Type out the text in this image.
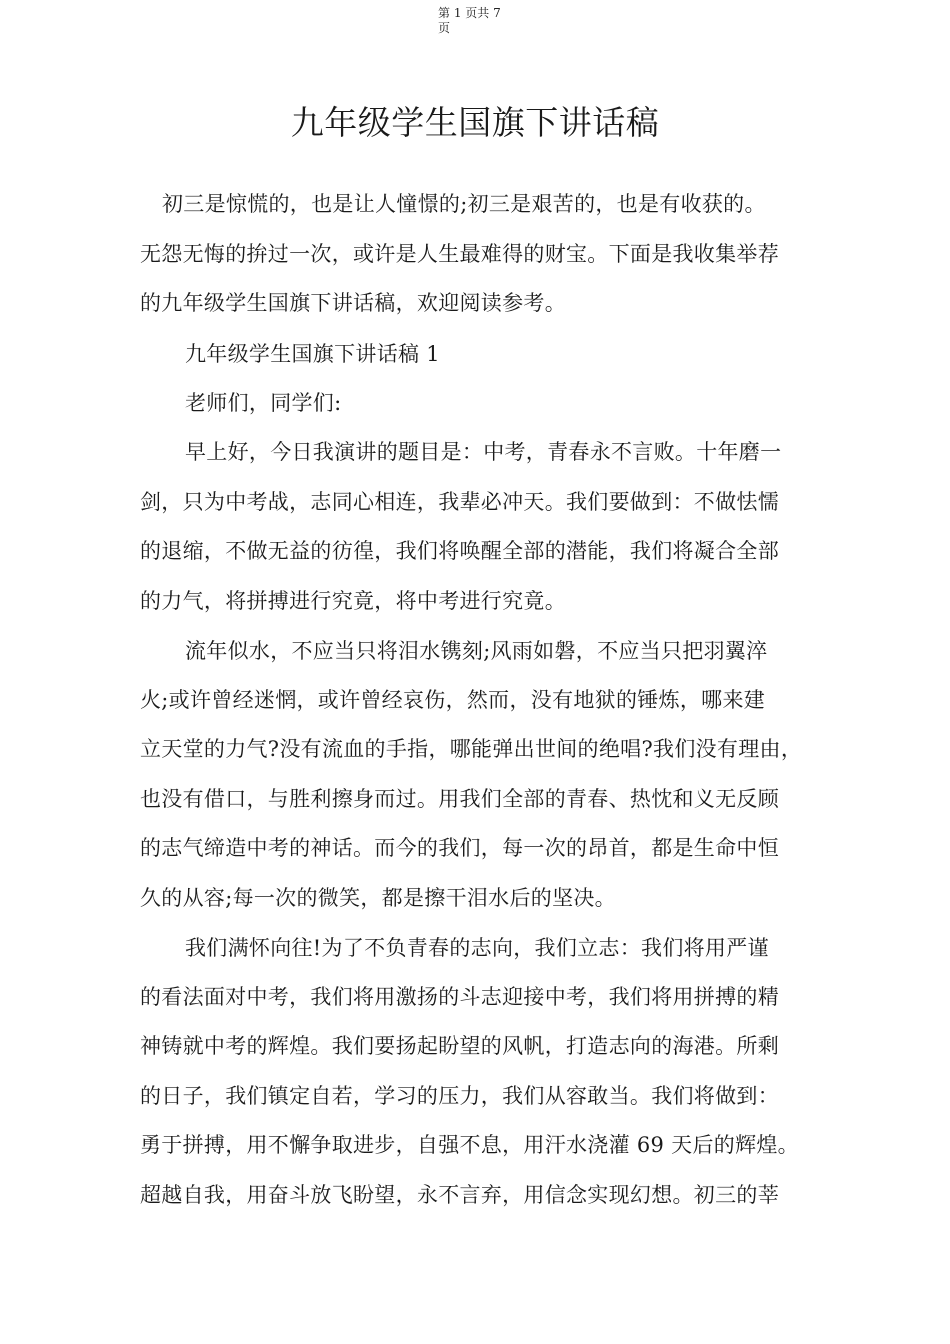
第 1 页共 7
页
九年级学生国旗下讲话稿
初三是惊慌的，也是让人憧憬的;初三是艰苦的，也是有收获的。
无怨无悔的拚过一次，或许是人生最难得的财宝。下面是我收集举荐
的九年级学生国旗下讲话稿，欢迎阅读参考。
九年级学生国旗下讲话稿 1
老师们，同学们:
早上好，今日我演讲的题目是：中考，青春永不言败。十年磨一
剑，只为中考战，志同心相连，我辈必冲天。我们要做到：不做怯懦
的退缩，不做无益的彷徨，我们将唤醒全部的潜能，我们将凝合全部
的力气，将拼搏进行究竟，将中考进行究竟。
流年似水，不应当只将泪水镌刻;风雨如磐，不应当只把羽翼淬
火;或许曾经迷惘，或许曾经哀伤，然而，没有地狱的锤炼，哪来建
立天堂的力气?没有流血的手指，哪能弹出世间的绝唱?我们没有理由，
也没有借口，与胜利擦身而过。用我们全部的青春、热忱和义无反顾
的志气缔造中考的神话。而今的我们，每一次的昂首，都是生命中恒
久的从容;每一次的微笑，都是擦干泪水后的坚决。
我们满怀向往!为了不负青春的志向，我们立志：我们将用严谨
的看法面对中考，我们将用激扬的斗志迎接中考，我们将用拼搏的精
神铸就中考的辉煌。我们要扬起盼望的风帆，打造志向的海港。所剩
的日子，我们镇定自若，学习的压力，我们从容敢当。我们将做到：
勇于拼搏，用不懈争取进步，自强不息，用汗水浇灌 69 天后的辉煌。
超越自我，用奋斗放飞盼望，永不言弃，用信念实现幻想。初三的莘
